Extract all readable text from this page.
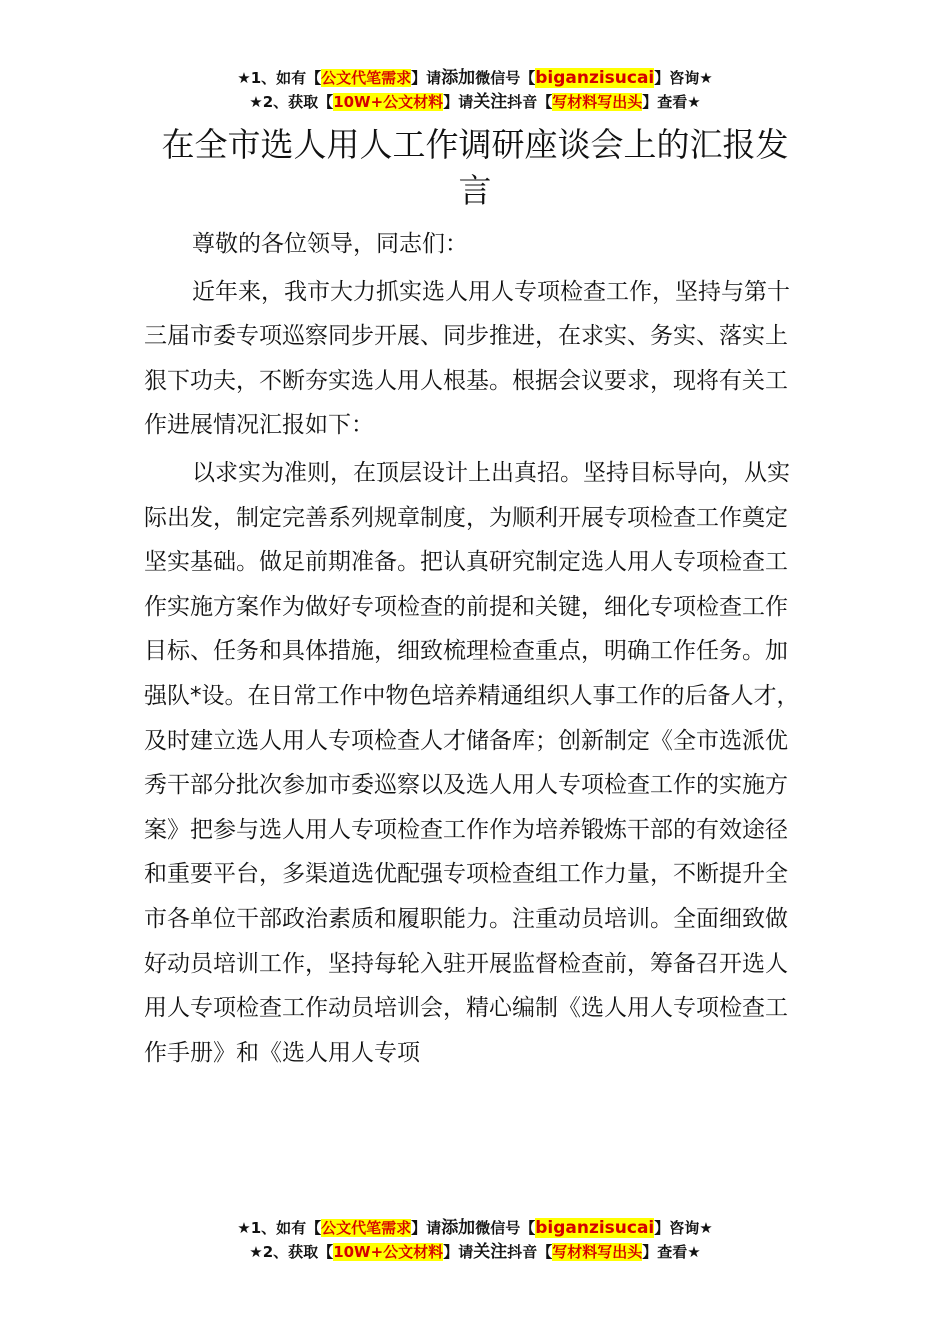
★1、如有【公文代笔需求】请添加微信号【biganzisucai】咨询★
★2、获取【10W+公文材料】请关注抖音【写材料写出头】查看★
在全市选人用人工作调研座谈会上的汇报发言

尊敬的各位领导，同志们：

近年来，我市大力抓实选人用人专项检查工作，坚持与第十三届市委专项巡察同步开展、同步推进，在求实、务实、落实上狠下功夫，不断夯实选人用人根基。根据会议要求，现将有关工作进展情况汇报如下：

以求实为准则，在顶层设计上出真招。坚持目标导向，从实际出发，制定完善系列规章制度，为顺利开展专项检查工作奠定坚实基础。做足前期准备。把认真研究制定选人用人专项检查工作实施方案作为做好专项检查的前提和关键，细化专项检查工作目标、任务和具体措施，细致梳理检查重点，明确工作任务。加强队*设。在日常工作中物色培养精通组织人事工作的后备人才，及时建立选人用人专项检查人才储备库；创新制定《全市选派优秀干部分批次参加市委巡察以及选人用人专项检查工作的实施方案》把参与选人用人专项检查工作作为培养锻炼干部的有效途径和重要平台，多渠道选优配强专项检查组工作力量，不断提升全市各单位干部政治素质和履职能力。注重动员培训。全面细致做好动员培训工作，坚持每轮入驻开展监督检查前，筹备召开选人用人专项检查工作动员培训会，精心编制《选人用人专项检查工作手册》和《选人用人专项

★1、如有【公文代笔需求】请添加微信号【biganzisucai】咨询★
★2、获取【10W+公文材料】请关注抖音【写材料写出头】查看★
